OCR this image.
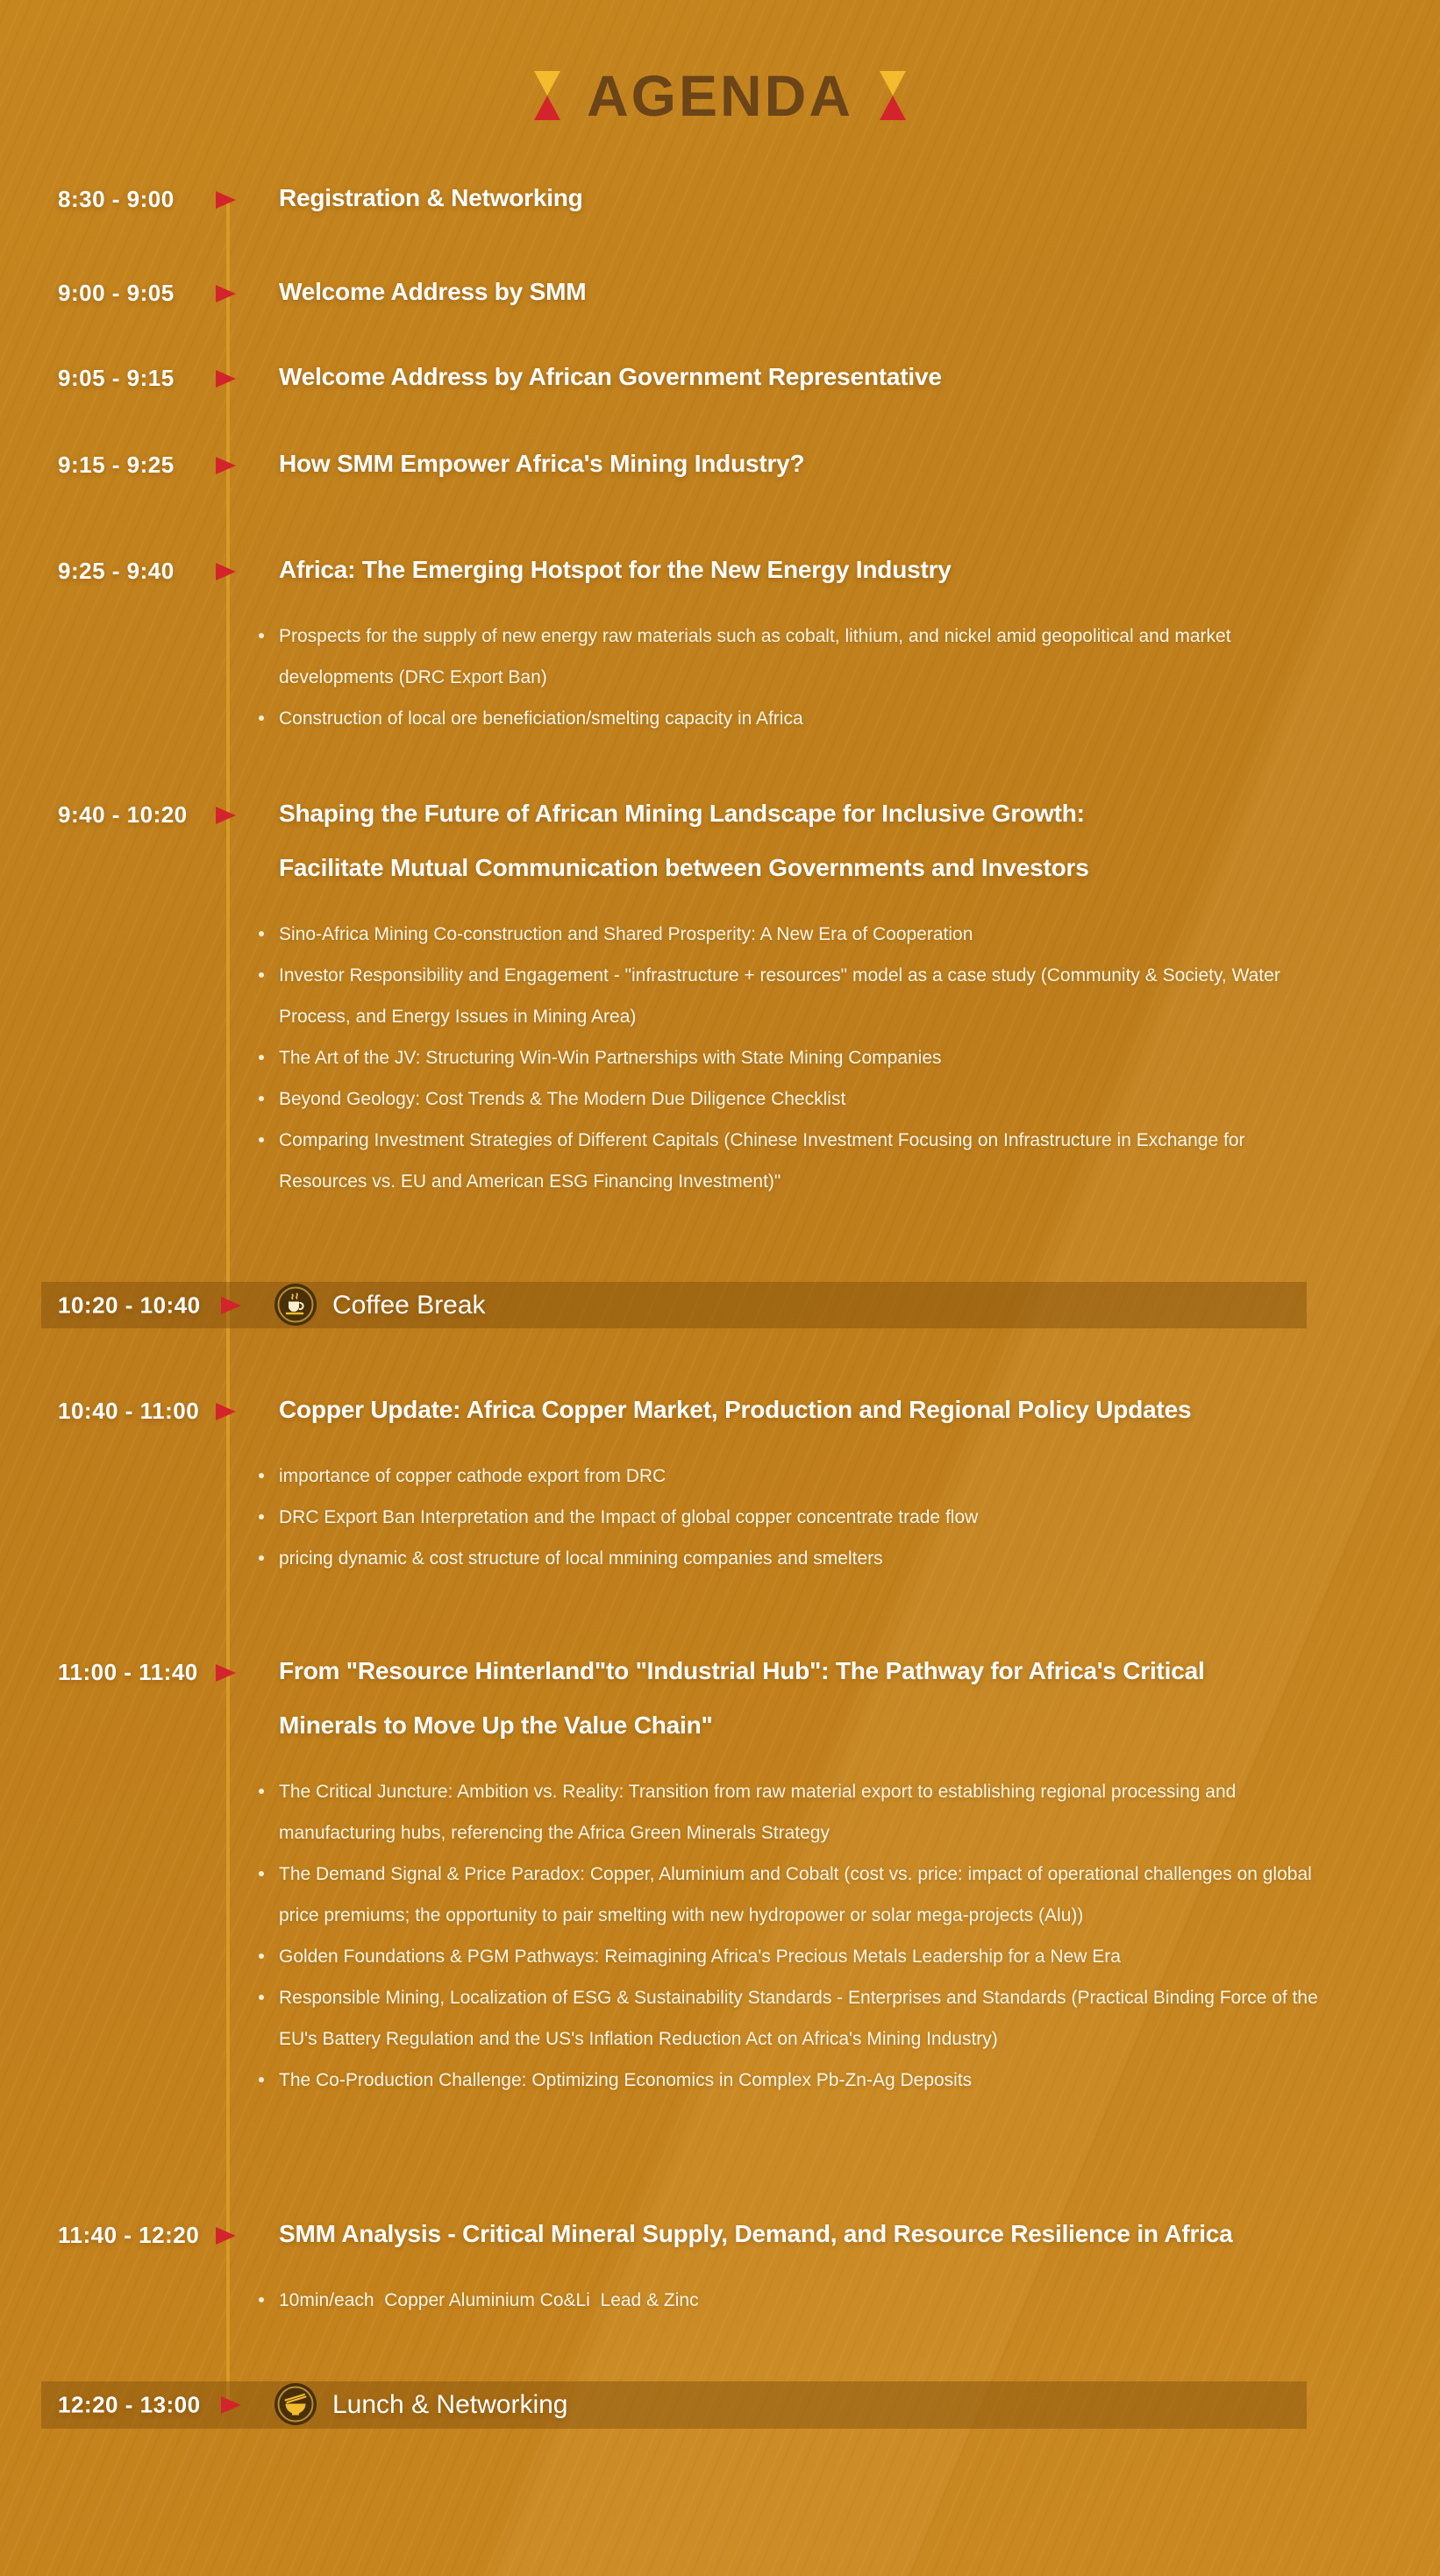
AGENDA
8:30 - 9:00	Registration & Networking
9:00 - 9:05	Welcome Address by SMM
9:05 - 9:15	Welcome Address by African Government Representative
9:15 - 9:25	How SMM Empower Africa's Mining Industry?
9:25 - 9:40	Africa: The Emerging Hotspot for the New Energy Industry
Prospects for the supply of new energy raw materials such as cobalt, lithium, and nickel amid geopolitical and market developments (DRC Export Ban)
Construction of local ore beneficiation/smelting capacity in Africa
9:40 - 10:20	Shaping the Future of African Mining Landscape for Inclusive Growth:
Facilitate Mutual Communication between Governments and Investors
Sino-Africa Mining Co-construction and Shared Prosperity: A New Era of Cooperation
Investor Responsibility and Engagement - "infrastructure + resources" model as a case study (Community & Society, Water Process, and Energy Issues in Mining Area)
The Art of the JV: Structuring Win-Win Partnerships with State Mining Companies
Beyond Geology: Cost Trends & The Modern Due Diligence Checklist
Comparing Investment Strategies of Different Capitals (Chinese Investment Focusing on Infrastructure in Exchange for Resources vs. EU and American ESG Financing Investment)"
10:20 - 10:40	Coffee Break
10:40 - 11:00	Copper Update: Africa Copper Market, Production and Regional Policy Updates
importance of copper cathode export from DRC
DRC Export Ban Interpretation and the Impact of global copper concentrate trade flow
pricing dynamic & cost structure of local mmining companies and smelters
11:00 - 11:40	From "Resource Hinterland"to "Industrial Hub": The Pathway for Africa's Critical
Minerals to Move Up the Value Chain"
The Critical Juncture: Ambition vs. Reality: Transition from raw material export to establishing regional processing and manufacturing hubs, referencing the Africa Green Minerals Strategy
The Demand Signal & Price Paradox: Copper, Aluminium and Cobalt (cost vs. price: impact of operational challenges on global price premiums; the opportunity to pair smelting with new hydropower or solar mega-projects (Alu))
Golden Foundations & PGM Pathways: Reimagining Africa's Precious Metals Leadership for a New Era
Responsible Mining, Localization of ESG & Sustainability Standards - Enterprises and Standards (Practical Binding Force of the EU's Battery Regulation and the US's Inflation Reduction Act on Africa's Mining Industry)
The Co-Production Challenge: Optimizing Economics in Complex Pb-Zn-Ag Deposits
11:40 - 12:20	SMM Analysis - Critical Mineral Supply, Demand, and Resource Resilience in Africa
10min/each  Copper Aluminium Co&Li  Lead & Zinc
12:20 - 13:00	Lunch & Networking
